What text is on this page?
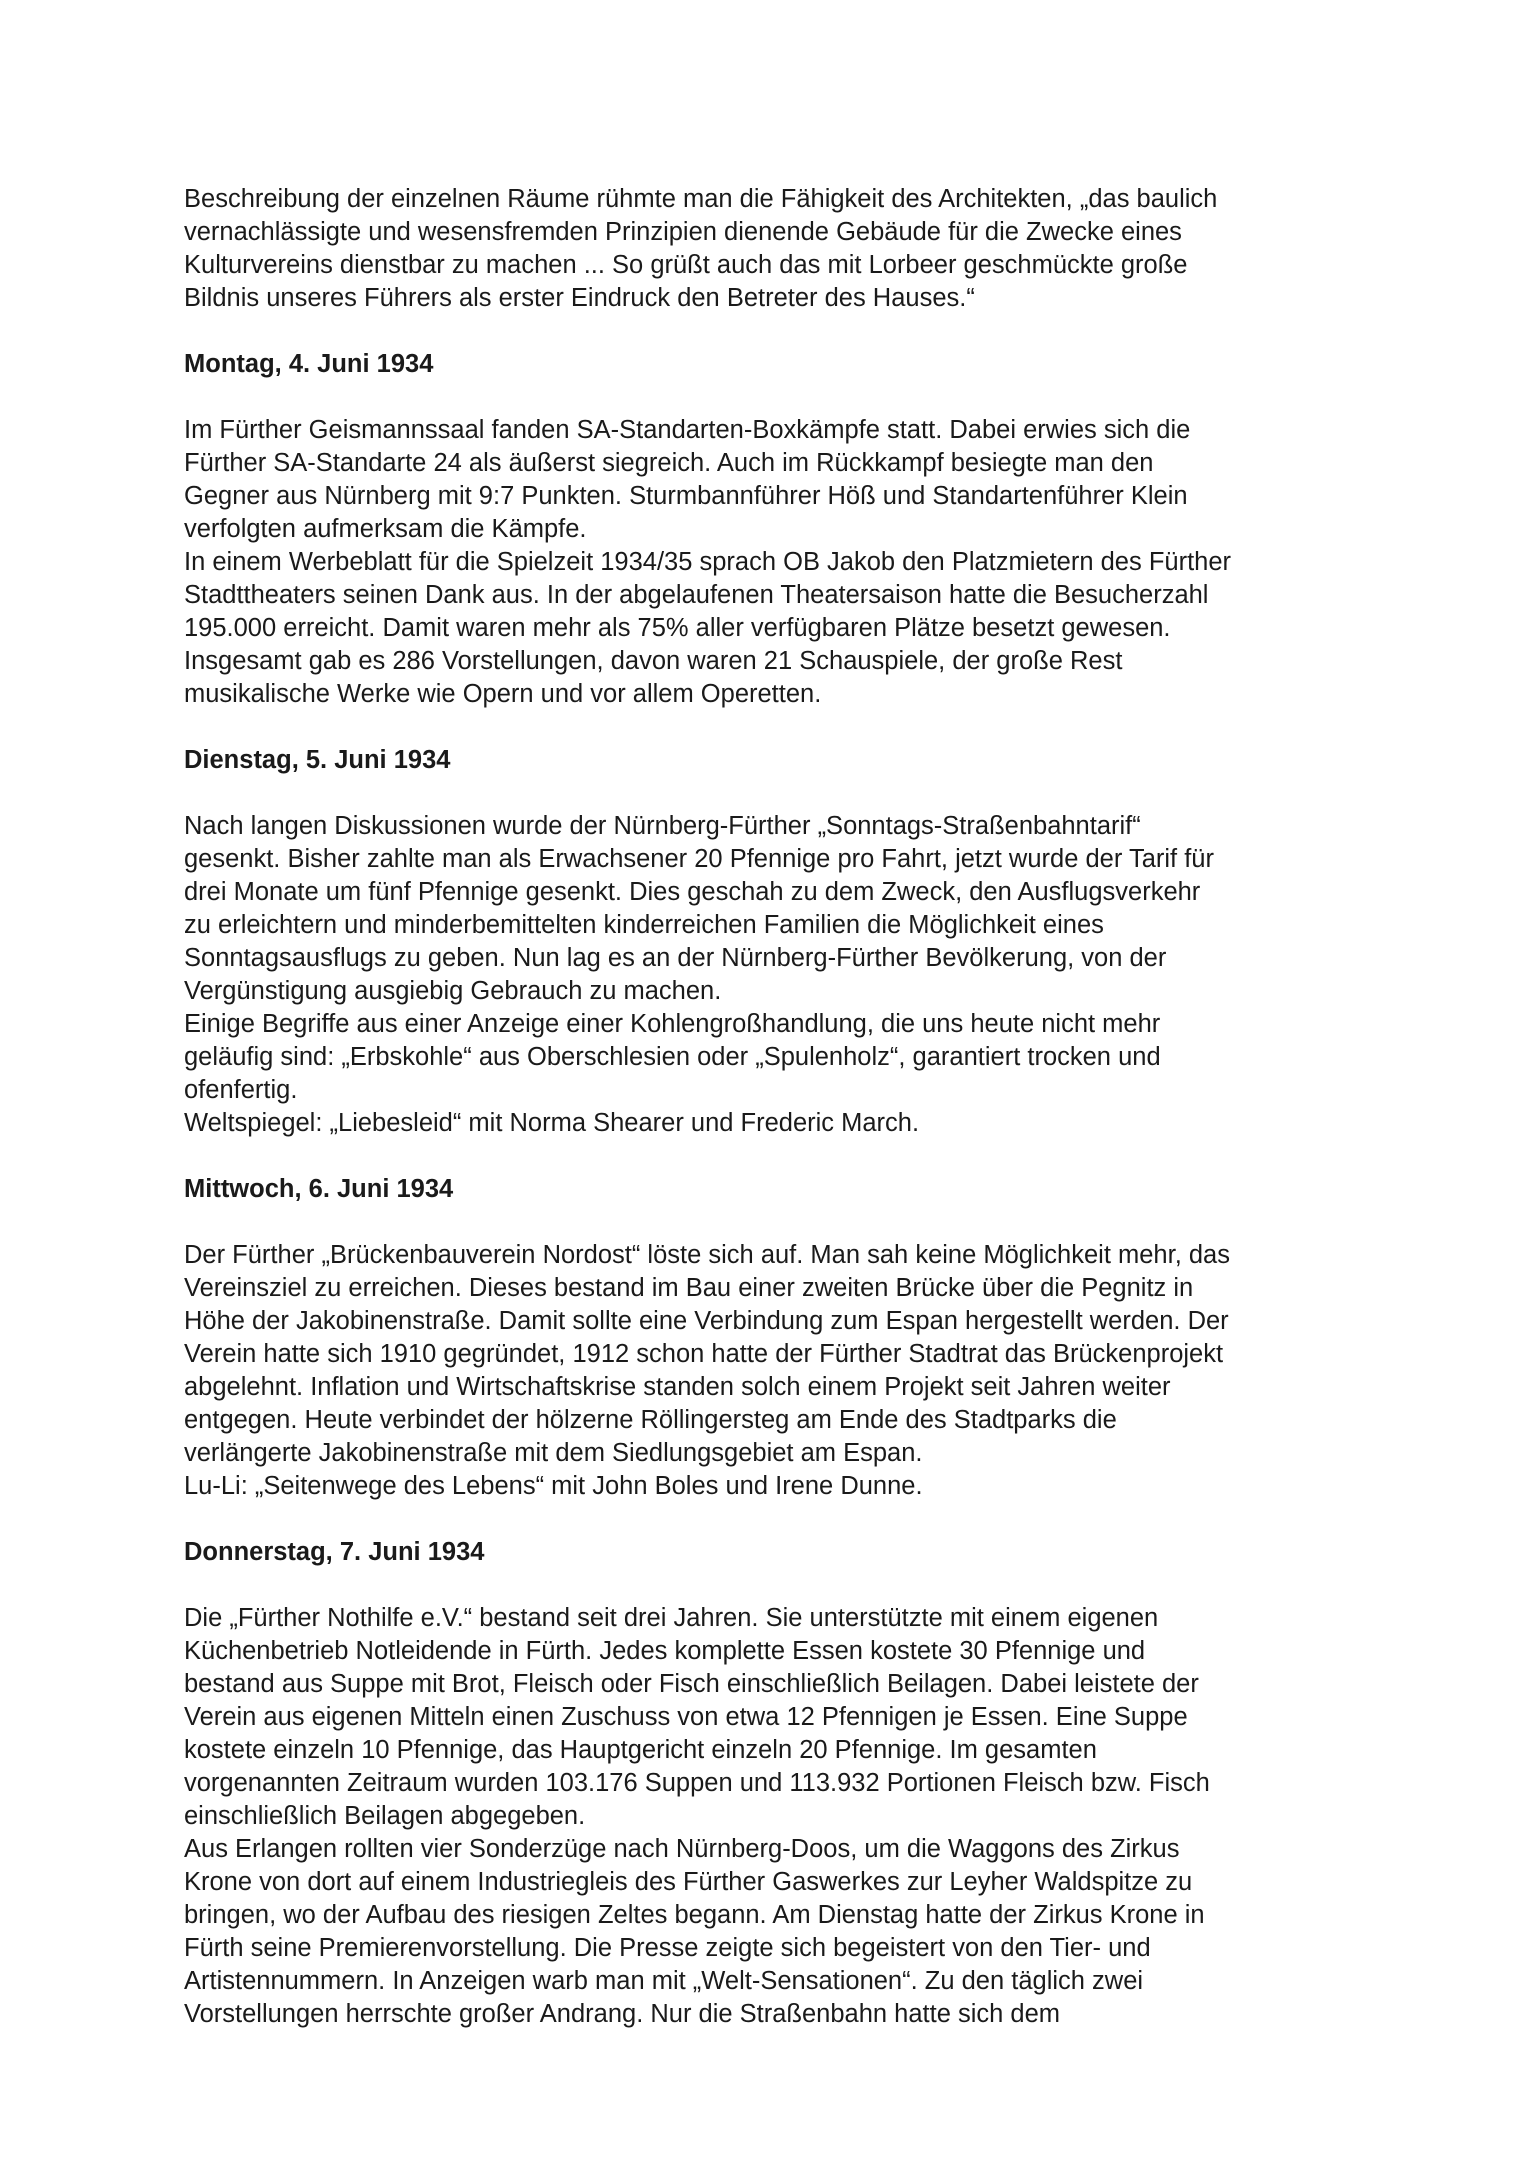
Beschreibung der einzelnen Räume rühmte man die Fähigkeit des Architekten, „das baulich
vernachlässigte und wesensfremden Prinzipien dienende Gebäude für die Zwecke eines
Kulturvereins dienstbar zu machen ... So grüßt auch das mit Lorbeer geschmückte große
Bildnis unseres Führers als erster Eindruck den Betreter des Hauses.“
Montag, 4. Juni 1934
Im Fürther Geismannssaal fanden SA-Standarten-Boxkämpfe statt. Dabei erwies sich die
Fürther SA-Standarte 24 als äußerst siegreich. Auch im Rückkampf besiegte man den
Gegner aus Nürnberg mit 9:7 Punkten. Sturmbannführer Höß und Standartenführer Klein
verfolgten aufmerksam die Kämpfe.
In einem Werbeblatt für die Spielzeit 1934/35 sprach OB Jakob den Platzmietern des Fürther
Stadttheaters seinen Dank aus. In der abgelaufenen Theatersaison hatte die Besucherzahl
195.000 erreicht. Damit waren mehr als 75% aller verfügbaren Plätze besetzt gewesen.
Insgesamt gab es 286 Vorstellungen, davon waren 21 Schauspiele, der große Rest
musikalische Werke wie Opern und vor allem Operetten.
Dienstag, 5. Juni 1934
Nach langen Diskussionen wurde der Nürnberg-Fürther „Sonntags-Straßenbahntarif“
gesenkt. Bisher zahlte man als Erwachsener 20 Pfennige pro Fahrt, jetzt wurde der Tarif für
drei Monate um fünf Pfennige gesenkt. Dies geschah zu dem Zweck, den Ausflugsverkehr
zu erleichtern und minderbemittelten kinderreichen Familien die Möglichkeit eines
Sonntagsausflugs zu geben. Nun lag es an der Nürnberg-Fürther Bevölkerung, von der
Vergünstigung ausgiebig Gebrauch zu machen.
Einige Begriffe aus einer Anzeige einer Kohlengroßhandlung, die uns heute nicht mehr
geläufig sind: „Erbskohle“ aus Oberschlesien oder „Spulenholz“, garantiert trocken und
ofenfertig.
Weltspiegel: „Liebesleid“ mit Norma Shearer und Frederic March.
Mittwoch, 6. Juni 1934
Der Fürther „Brückenbauverein Nordost“ löste sich auf. Man sah keine Möglichkeit mehr, das
Vereinsziel zu erreichen. Dieses bestand im Bau einer zweiten Brücke über die Pegnitz in
Höhe der Jakobinenstraße. Damit sollte eine Verbindung zum Espan hergestellt werden. Der
Verein hatte sich 1910 gegründet, 1912 schon hatte der Fürther Stadtrat das Brückenprojekt
abgelehnt. Inflation und Wirtschaftskrise standen solch einem Projekt seit Jahren weiter
entgegen. Heute verbindet der hölzerne Röllingersteg am Ende des Stadtparks die
verlängerte Jakobinenstraße mit dem Siedlungsgebiet am Espan.
Lu-Li: „Seitenwege des Lebens“ mit John Boles und Irene Dunne.
Donnerstag, 7. Juni 1934
Die „Fürther Nothilfe e.V.“ bestand seit drei Jahren. Sie unterstützte mit einem eigenen
Küchenbetrieb Notleidende in Fürth. Jedes komplette Essen kostete 30 Pfennige und
bestand aus Suppe mit Brot, Fleisch oder Fisch einschließlich Beilagen. Dabei leistete der
Verein aus eigenen Mitteln einen Zuschuss von etwa 12 Pfennigen je Essen. Eine Suppe
kostete einzeln 10 Pfennige, das Hauptgericht einzeln 20 Pfennige. Im gesamten
vorgenannten Zeitraum wurden 103.176 Suppen und 113.932 Portionen Fleisch bzw. Fisch
einschließlich Beilagen abgegeben.
Aus Erlangen rollten vier Sonderzüge nach Nürnberg-Doos, um die Waggons des Zirkus
Krone von dort auf einem Industriegleis des Fürther Gaswerkes zur Leyher Waldspitze zu
bringen, wo der Aufbau des riesigen Zeltes begann. Am Dienstag hatte der Zirkus Krone in
Fürth seine Premierenvorstellung. Die Presse zeigte sich begeistert von den Tier- und
Artistennummern. In Anzeigen warb man mit „Welt-Sensationen“. Zu den täglich zwei
Vorstellungen herrschte großer Andrang. Nur die Straßenbahn hatte sich dem
